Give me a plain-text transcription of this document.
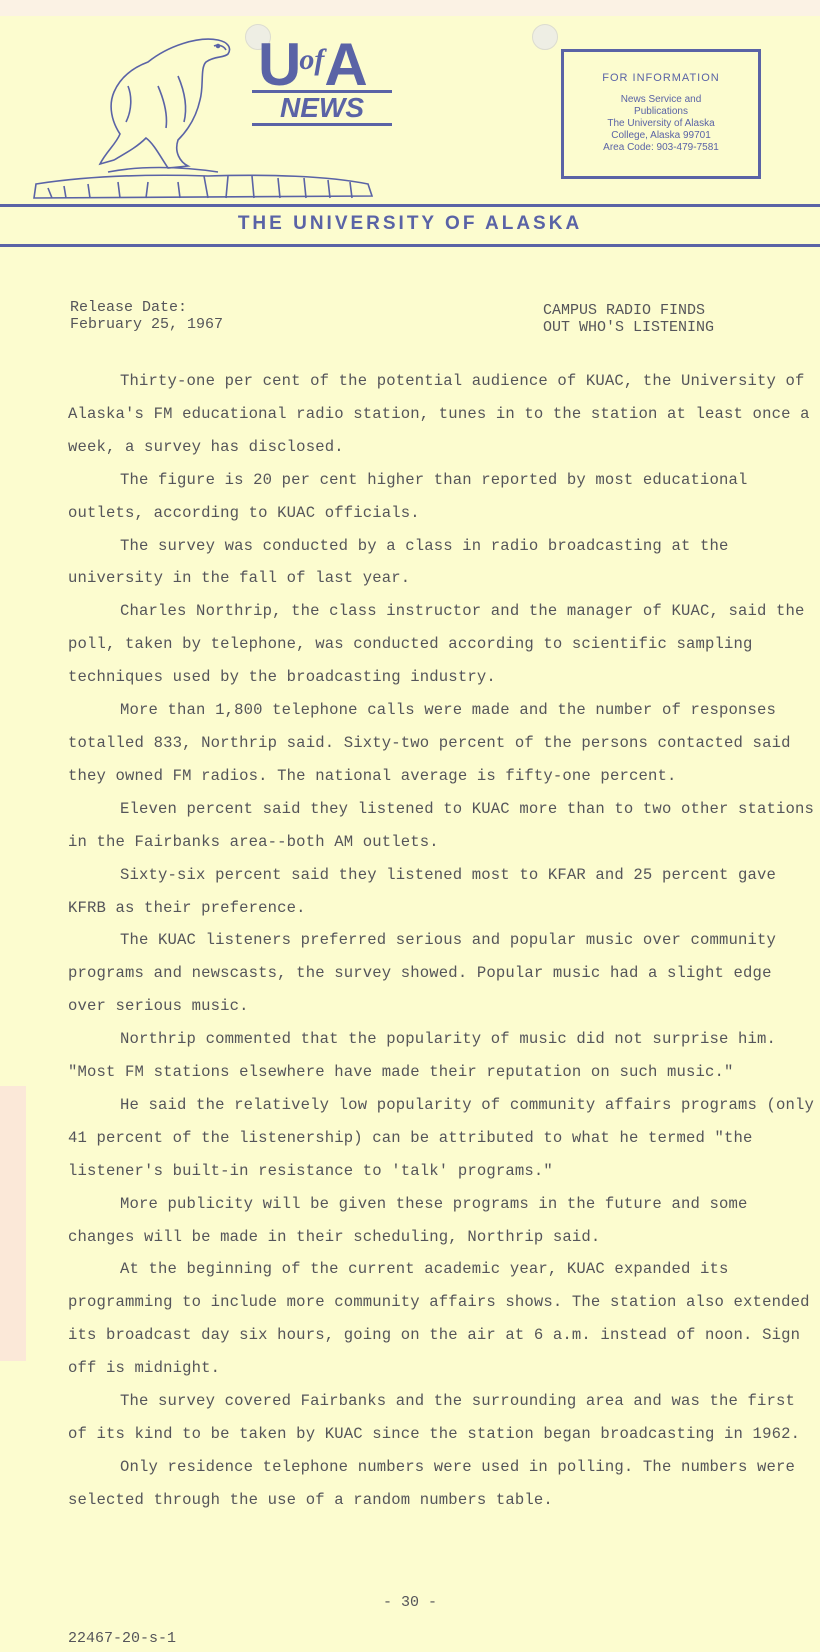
$U^{of}A$
NEWS
FOR INFORMATION
News Service and
Publications
The University of Alaska
College, Alaska 99701
Area Code: 903-479-7581
THE UNIVERSITY OF ALASKA
Release Date:
February 25, 1967
CAMPUS RADIO FINDS
OUT WHO'S LISTENING

Thirty-one per cent of the potential audience of KUAC, the University of Alaska's FM educational radio station, tunes in to the station at least once a week, a survey has disclosed.

The figure is 20 per cent higher than reported by most educational outlets, according to KUAC officials.

The survey was conducted by a class in radio broadcasting at the university in the fall of last year.

Charles Northrip, the class instructor and the manager of KUAC, said the poll, taken by telephone, was conducted according to scientific sampling techniques used by the broadcasting industry.

More than 1,800 telephone calls were made and the number of responses totalled 833, Northrip said. Sixty-two percent of the persons contacted said they owned FM radios. The national average is fifty-one percent.

Eleven percent said they listened to KUAC more than to two other stations in the Fairbanks area--both AM outlets.

Sixty-six percent said they listened most to KFAR and 25 percent gave KFRB as their preference.

The KUAC listeners preferred serious and popular music over community programs and newscasts, the survey showed. Popular music had a slight edge over serious music.

Northrip commented that the popularity of music did not surprise him. "Most FM stations elsewhere have made their reputation on such music."

He said the relatively low popularity of community affairs programs (only 41 percent of the listenership) can be attributed to what he termed "the listener's built-in resistance to 'talk' programs."

More publicity will be given these programs in the future and some changes will be made in their scheduling, Northrip said.

At the beginning of the current academic year, KUAC expanded its programming to include more community affairs shows. The station also extended its broadcast day six hours, going on the air at 6 a.m. instead of noon. Sign off is midnight.

The survey covered Fairbanks and the surrounding area and was the first of its kind to be taken by KUAC since the station began broadcasting in 1962.

Only residence telephone numbers were used in polling. The numbers were selected through the use of a random numbers table.

- 30 -
22467-20-s-1
